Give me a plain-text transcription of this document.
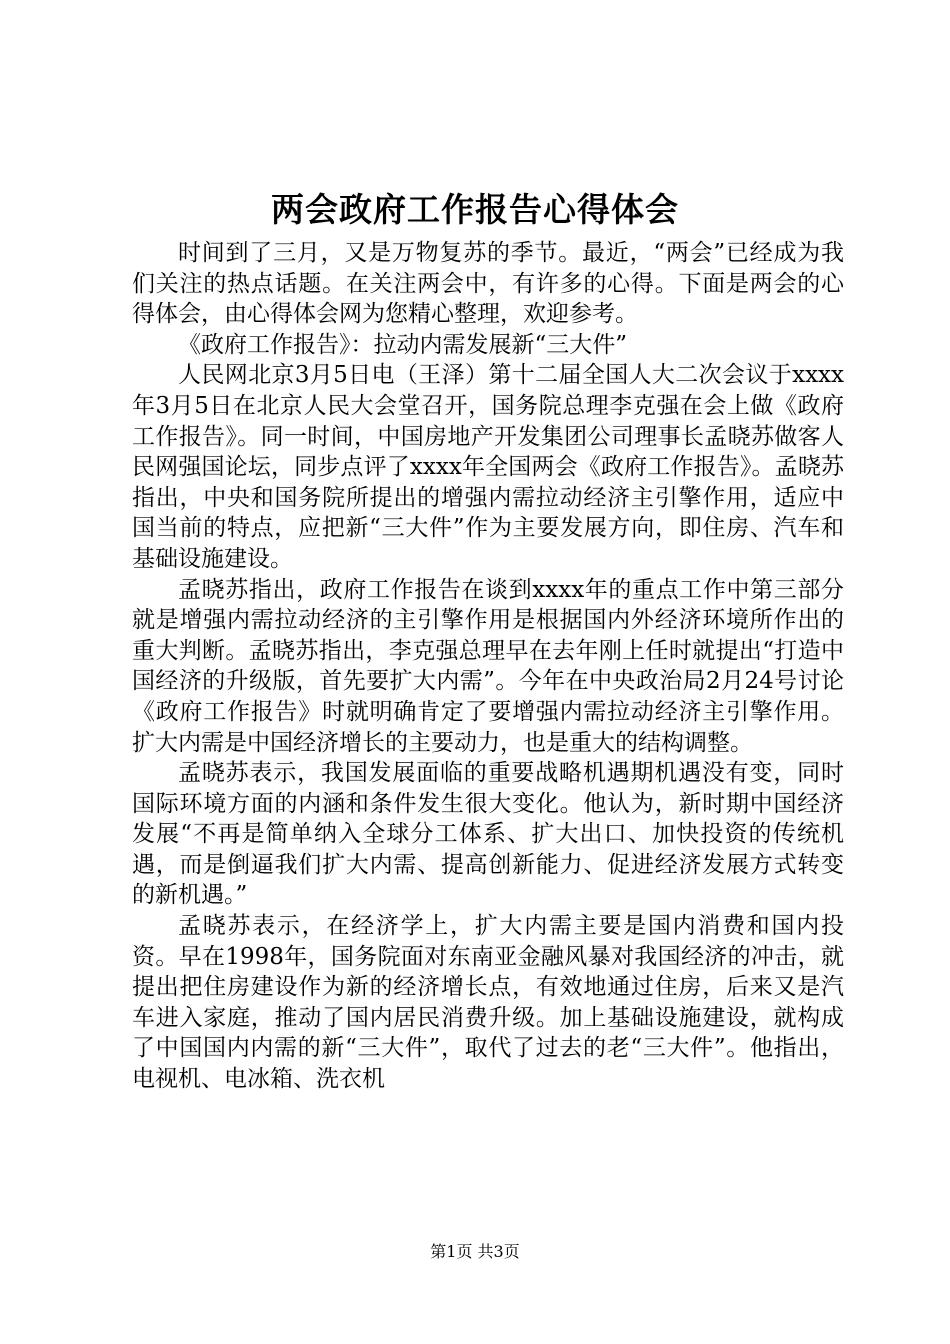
两会政府工作报告心得体会

时间到了三月，又是万物复苏的季节。最近，“两会”已经成为我们关注的热点话题。在关注两会中，有许多的心得。下面是两会的心得体会，由心得体会网为您精心整理，欢迎参考。

《政府工作报告》：拉动内需发展新“三大件”

人民网北京3月5日电（王泽）第十二届全国人大二次会议于xxxx年3月5日在北京人民大会堂召开，国务院总理李克强在会上做《政府工作报告》。同一时间，中国房地产开发集团公司理事长孟晓苏做客人民网强国论坛，同步点评了xxxx年全国两会《政府工作报告》。孟晓苏指出，中央和国务院所提出的增强内需拉动经济主引擎作用，适应中国当前的特点，应把新“三大件”作为主要发展方向，即住房、汽车和基础设施建设。

孟晓苏指出，政府工作报告在谈到xxxx年的重点工作中第三部分就是增强内需拉动经济的主引擎作用是根据国内外经济环境所作出的重大判断。孟晓苏指出，李克强总理早在去年刚上任时就提出“打造中国经济的升级版，首先要扩大内需”。今年在中央政治局2月24号讨论《政府工作报告》时就明确肯定了要增强内需拉动经济主引擎作用。扩大内需是中国经济增长的主要动力，也是重大的结构调整。

孟晓苏表示，我国发展面临的重要战略机遇期机遇没有变，同时国际环境方面的内涵和条件发生很大变化。他认为，新时期中国经济发展“不再是简单纳入全球分工体系、扩大出口、加快投资的传统机遇，而是倒逼我们扩大内需、提高创新能力、促进经济发展方式转变的新机遇。”

孟晓苏表示，在经济学上，扩大内需主要是国内消费和国内投资。早在1998年，国务院面对东南亚金融风暴对我国经济的冲击，就提出把住房建设作为新的经济增长点，有效地通过住房，后来又是汽车进入家庭，推动了国内居民消费升级。加上基础设施建设，就构成了中国国内内需的新“三大件”，取代了过去的老“三大件”。他指出，电视机、电冰箱、洗衣机

第1页 共3页
